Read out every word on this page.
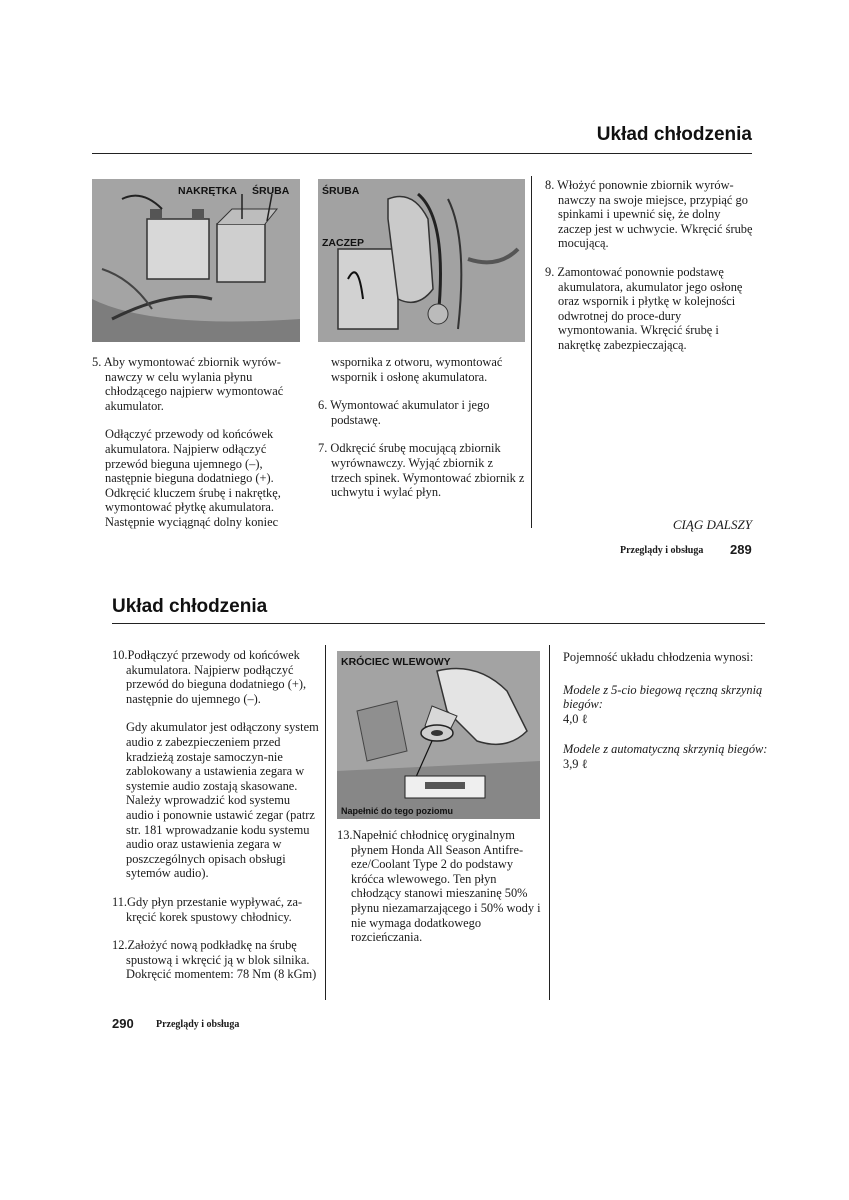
Układ chłodzenia
NAKRĘTKA ŚRUBA	ŚRUBA
ZACZEP

5. Aby wymontować zbiornik wyrów-nawczy w celu wylania płynu chłodzącego najpierw wymontować akumulator.

Odłączyć przewody od końcówek akumulatora. Najpierw odłączyć przewód bieguna ujemnego (–), następnie bieguna dodatniego (+). Odkręcić kluczem śrubę i nakrętkę, wymontować płytkę akumulatora. Następnie wyciągnąć dolny koniec

wspornika z otworu, wymontować wspornik i osłonę akumulatora.

6. Wymontować akumulator i jego podstawę.

7. Odkręcić śrubę mocującą zbiornik wyrównawczy. Wyjąć zbiornik z trzech spinek. Wymontować zbiornik z uchwytu i wylać płyn.

8. Włożyć ponownie zbiornik wyrów-nawczy na swoje miejsce, przypiąć go spinkami i upewnić się, że dolny zaczep jest w uchwycie. Wkręcić śrubę mocującą.

9. Zamontować ponownie podstawę akumulatora, akumulator jego osłonę oraz wspornik i płytkę w kolejności odwrotnej do proce-dury wymontowania. Wkręcić śrubę i nakrętkę zabezpieczającą.

CIĄG DALSZY
Przeglądy i obsługa 289
Układ chłodzenia

10.Podłączyć przewody od końcówek akumulatora. Najpierw podłączyć przewód do bieguna dodatniego (+), następnie do ujemnego (–).

Gdy akumulator jest odłączony system audio z zabezpieczeniem przed kradzieżą zostaje samoczyn-nie zablokowany a ustawienia zegara w systemie audio zostają skasowane. Należy wprowadzić kod systemu audio i ponownie ustawić zegar (patrz str. 181 wprowadzanie kodu systemu audio oraz ustawienia zegara w poszczególnych opisach obsługi sytemów audio).

11.Gdy płyn przestanie wypływać, za-kręcić korek spustowy chłodnicy.

12.Założyć nową podkładkę na śrubę spustową i wkręcić ją w blok silnika. Dokręcić momentem: 78 Nm (8 kGm)

KRÓCIEC WLEWOWY
Napełnić do tego poziomu

13.Napełnić chłodnicę oryginalnym płynem Honda All Season Antifre-eze/Coolant Type 2 do podstawy króćca wlewowego. Ten płyn chłodzący stanowi mieszaninę 50% płynu niezamarzającego i 50% wody i nie wymaga dodatkowego rozcieńczania.

Pojemność układu chłodzenia wynosi:

Modele z 5-cio biegową ręczną skrzynią biegów:

4,0 ℓ

Modele z automatyczną skrzynią biegów:

3,9 ℓ

290 Przeglądy i obsługa
